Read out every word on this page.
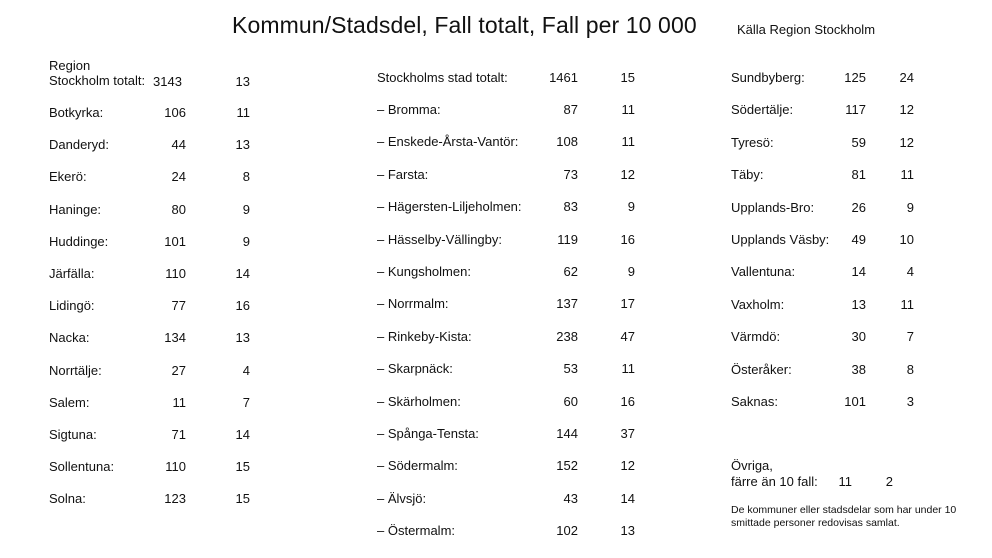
Kommun/Stadsdel, Fall totalt, Fall per 10 000	Källa Region Stockholm
Region
Stockholm totalt: 3143	13
Botkyrka:	106	11
Danderyd:	44	13
Ekerö:	24	8
Haninge:	80	9
Huddinge:	101	9
Järfälla:	110	14
Lidingö:	77	16
Nacka:	134	13
Norrtälje:	27	4
Salem:	11	7
Sigtuna:	71	14
Sollentuna:	110	15
Solna:	123	15
Stockholms stad totalt:	1461	15
– Bromma:	87	11
– Enskede-Årsta-Vantör:	108	11
– Farsta:	73	12
– Hägersten-Liljeholmen:	83	9
– Hässelby-Vällingby:	119	16
– Kungsholmen:	62	9
– Norrmalm:	137	17
– Rinkeby-Kista:	238	47
– Skarpnäck:	53	11
– Skärholmen:	60	16
– Spånga-Tensta:	144	37
– Södermalm:	152	12
– Älvsjö:	43	14
– Östermalm:	102	13
Sundbyberg:	125	24
Södertälje:	117	12
Tyresö:	59	12
Täby:	81	11
Upplands-Bro:	26	9
Upplands Väsby:	49	10
Vallentuna:	14	4
Vaxholm:	13	11
Värmdö:	30	7
Österåker:	38	8
Saknas:	101	3
Övriga,
färre än 10 fall:	11	2
De kommuner eller stadsdelar som har under 10 smittade personer redovisas samlat.
